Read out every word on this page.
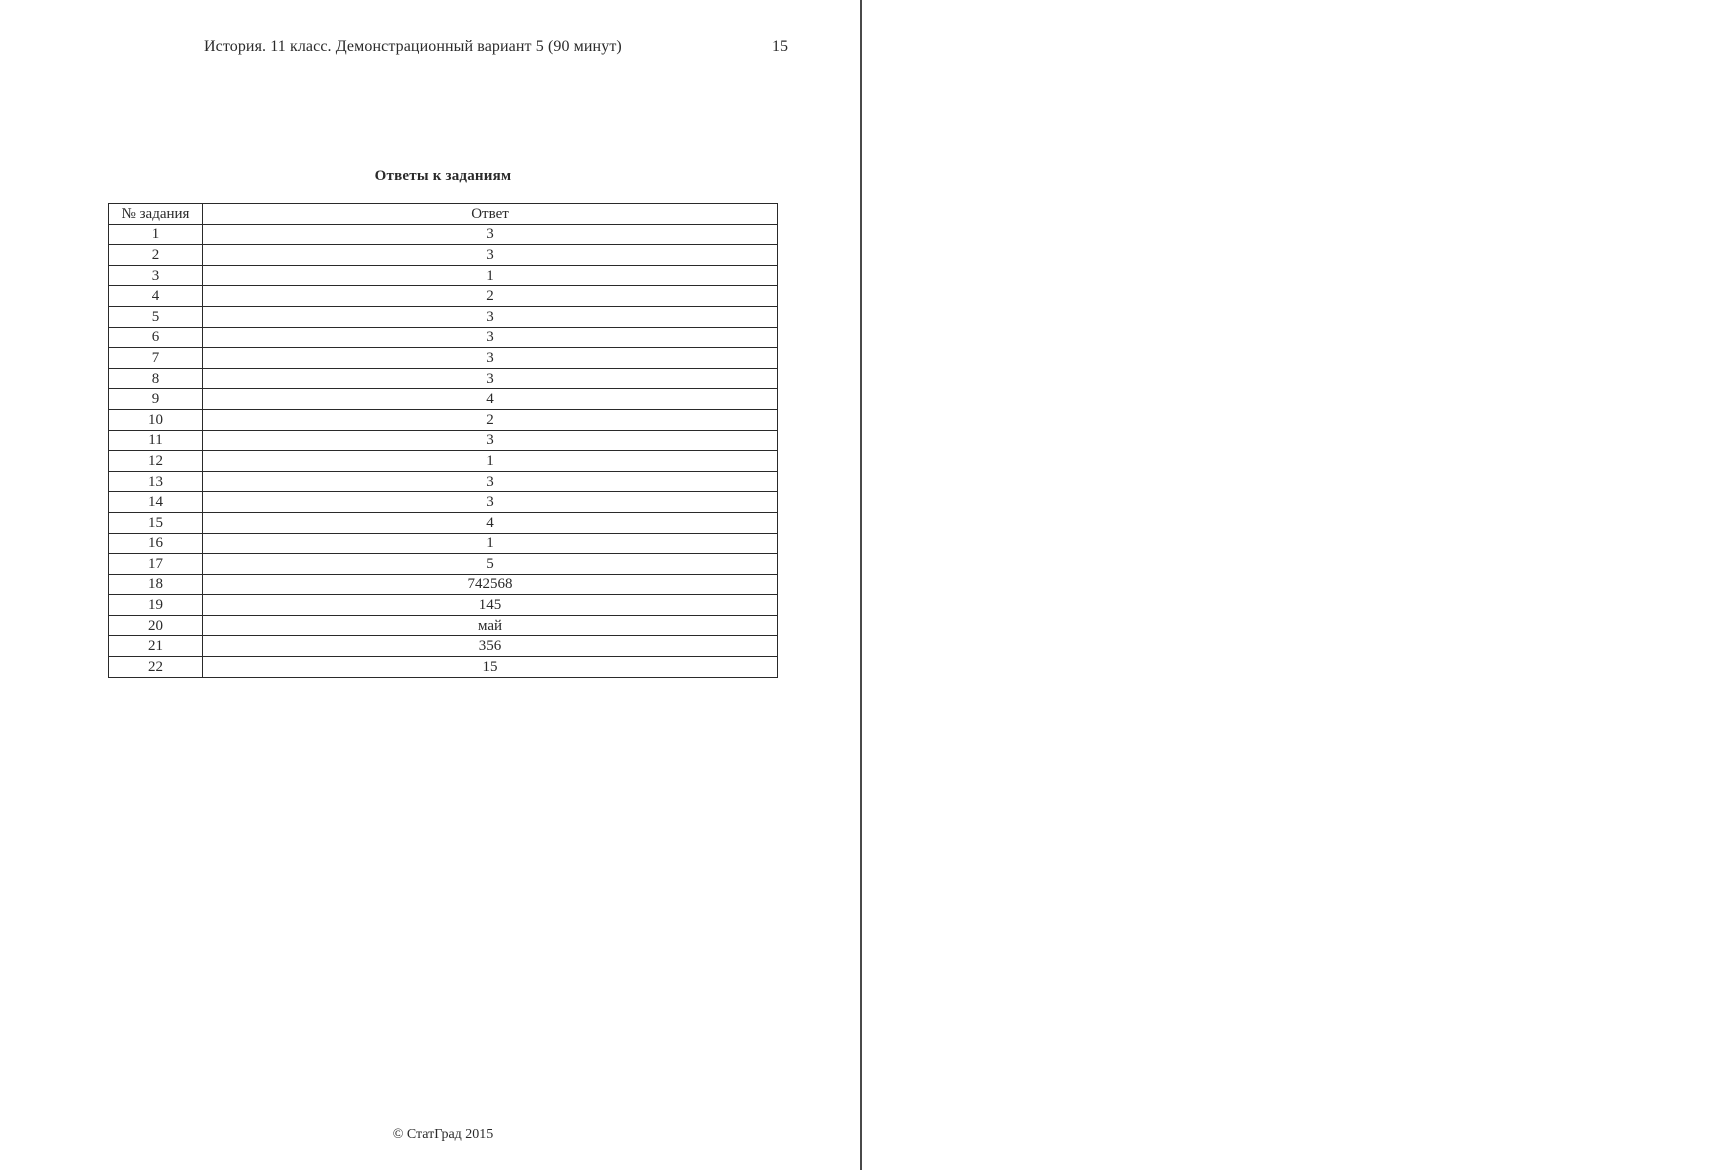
История. 11 класс. Демонстрационный вариант 5 (90 минут)	15
Ответы к заданиям
№ задания	Ответ
1	3
2	3
3	1
4	2
5	3
6	3
7	3
8	3
9	4
10	2
11	3
12	1
13	3
14	3
15	4
16	1
17	5
18	742568
19	145
20	май
21	356
22	15
© СтатГрад 2015
